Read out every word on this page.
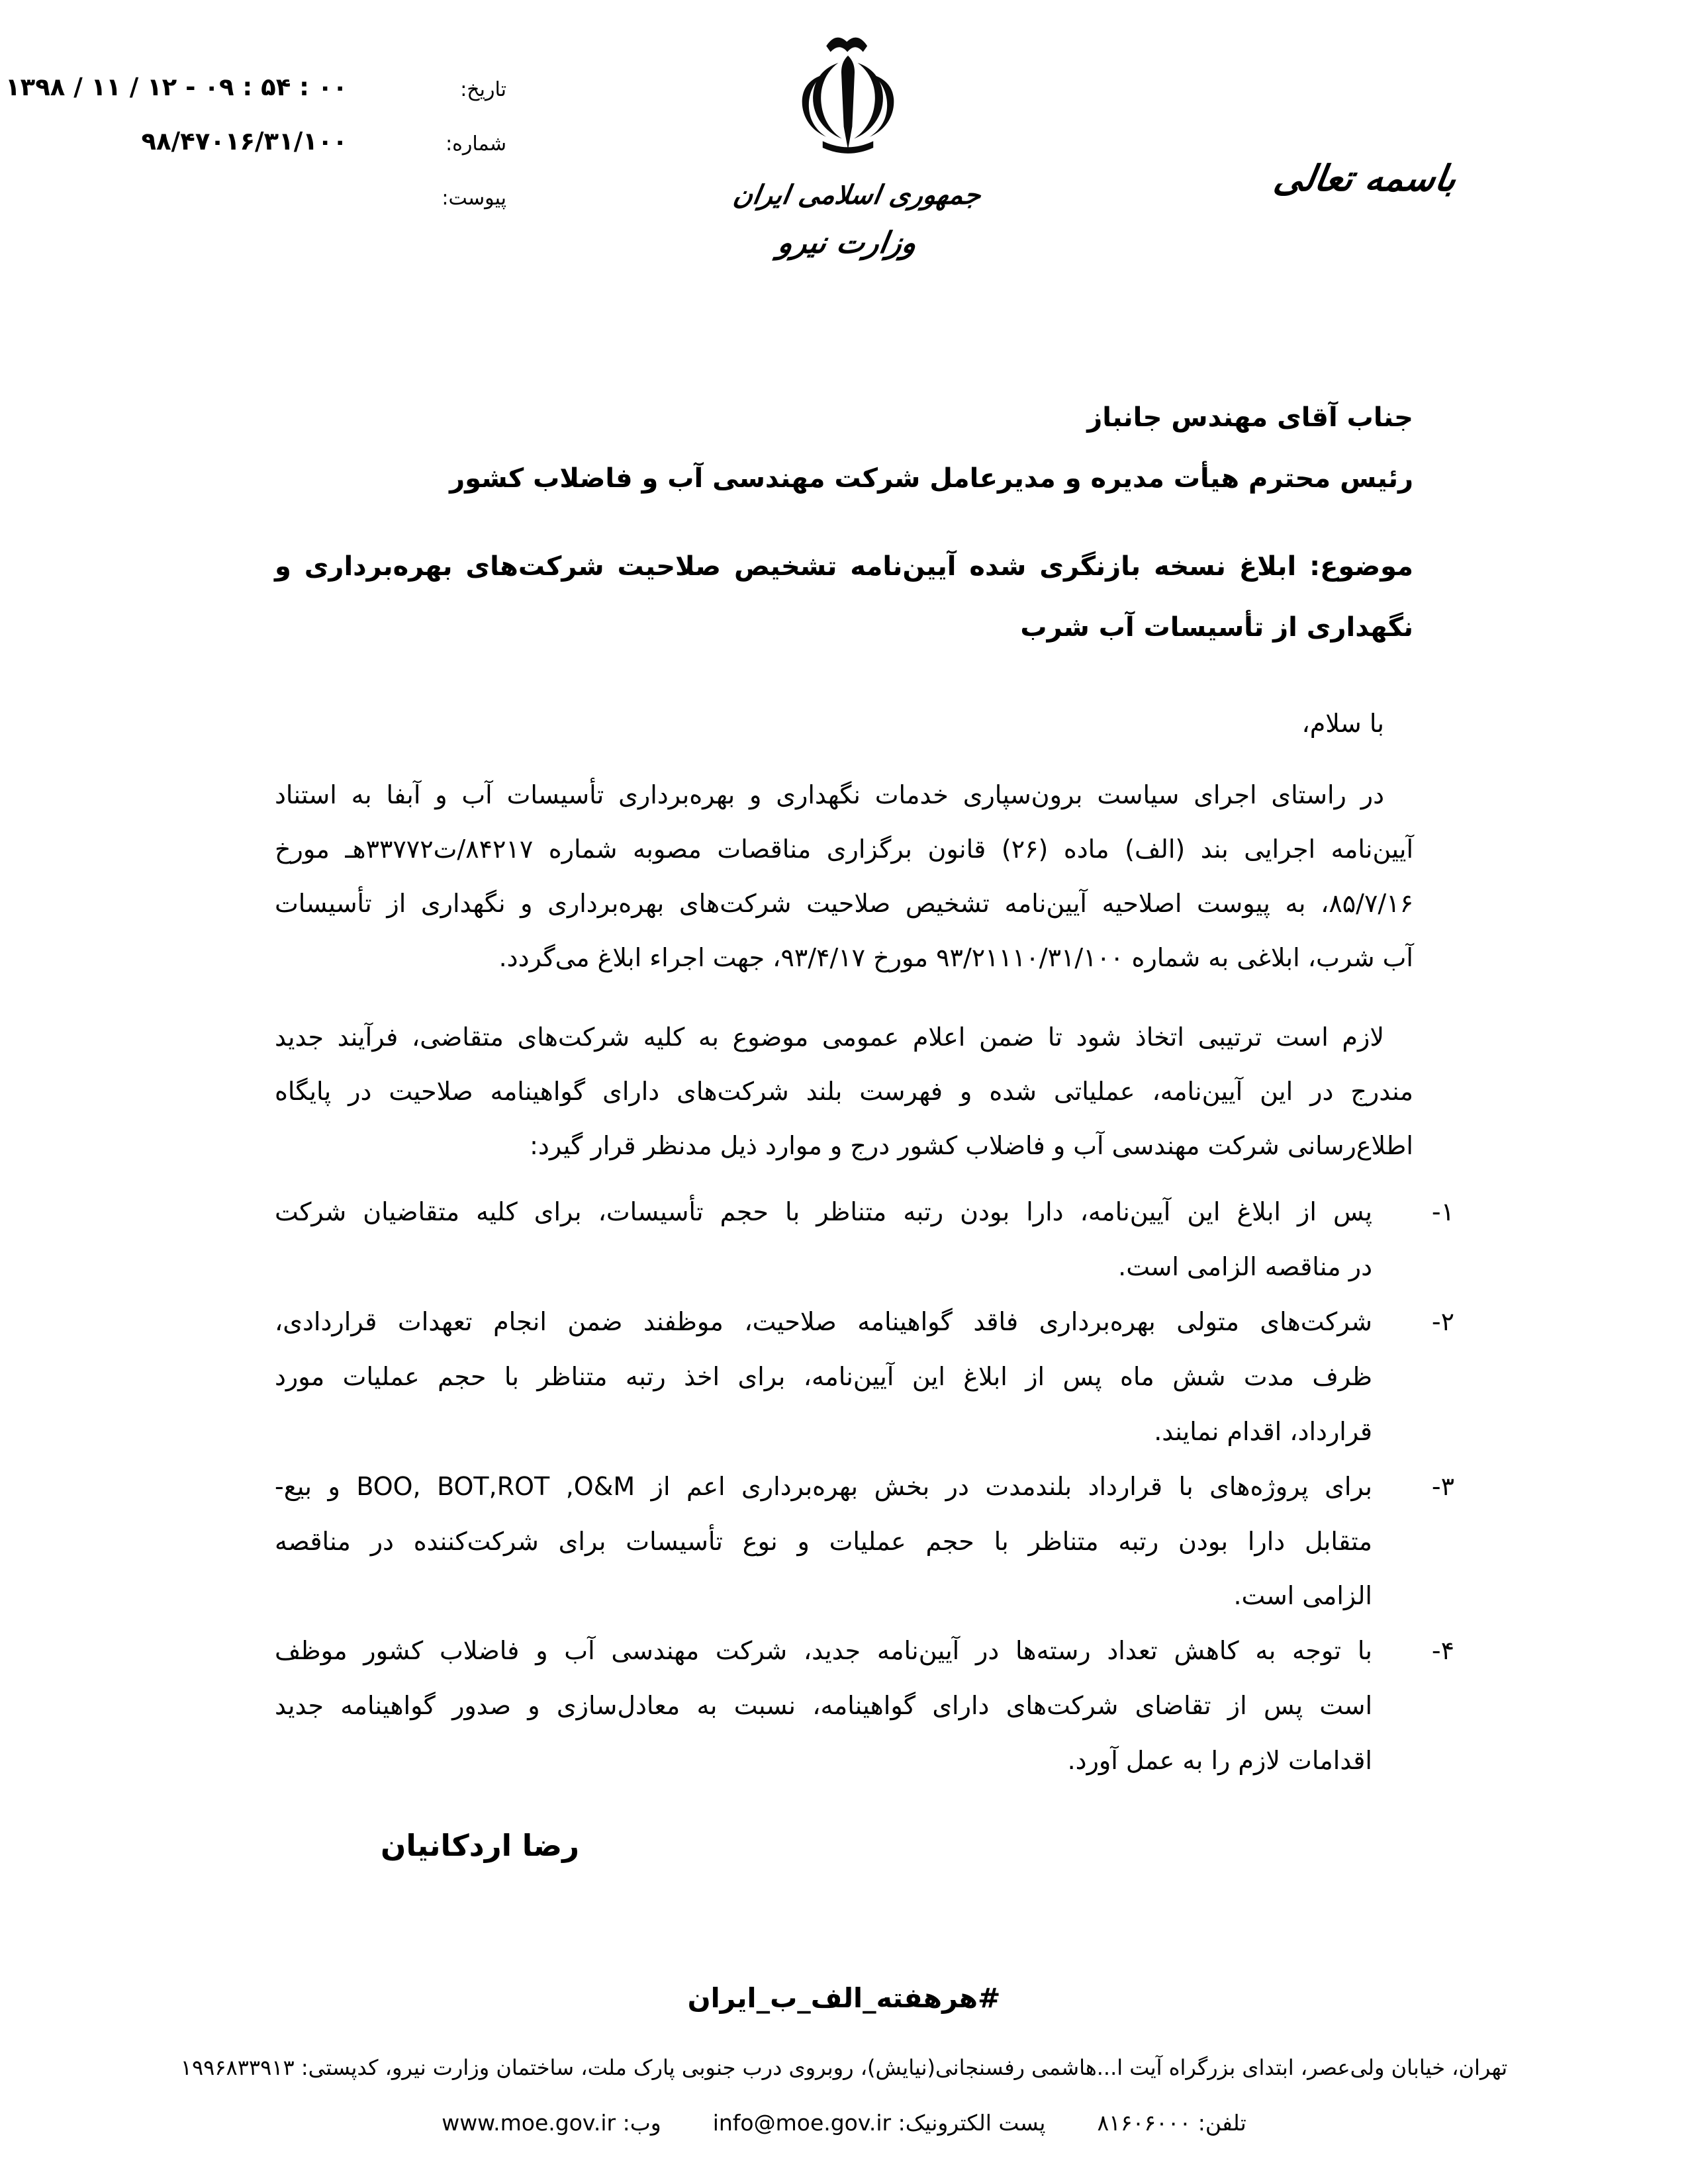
تاریخ:
۱۳۹۸ / ۱۱ / ۱۲ - ۰۹ : ۵۴ : ۰۰
شماره:
۹۸/۴۷۰۱۶/۳۱/۱۰۰
پیوست:	جمهوری اسلامی ایران
وزارت نیرو
باسمه تعالی
جناب آقای مهندس جانباز
رئیس محترم هیأت مدیره و مدیرعامل شرکت مهندسی آب و فاضلاب کشور
موضوع: ابلاغ نسخه بازنگری شده آیین‌نامه تشخیص صلاحیت شرکت‌های بهره‌برداری و
نگهداری از تأسیسات آب شرب
با سلام،
در راستای اجرای سیاست برون‌سپاری خدمات نگهداری و بهره‌برداری تأسیسات آب و آبفا به استناد
آیین‌نامه اجرایی بند (الف) ماده (۲۶) قانون برگزاری مناقصات مصوبه شماره ۸۴۲۱۷/ت۳۳۷۷۲هـ مورخ
۸۵/۷/۱۶، به پیوست اصلاحیه آیین‌نامه تشخیص صلاحیت شرکت‌های بهره‌برداری و نگهداری از تأسیسات
آب شرب، ابلاغی به شماره ۹۳/۲۱۱۱۰/۳۱/۱۰۰ مورخ ۹۳/۴/۱۷، جهت اجراء ابلاغ می‌گردد.
لازم است ترتیبی اتخاذ شود تا ضمن اعلام عمومی موضوع به کلیه شرکت‌های متقاضی، فرآیند جدید
مندرج در این آیین‌نامه، عملیاتی شده و فهرست بلند شرکت‌های دارای گواهینامه صلاحیت در پایگاه
اطلاع‌رسانی شرکت مهندسی آب و فاضلاب کشور درج و موارد ذیل مدنظر قرار گیرد:
۱-
پس از ابلاغ این آیین‌نامه، دارا بودن رتبه متناظر با حجم تأسیسات، برای کلیه متقاضیان شرکت
در مناقصه الزامی است.
۲-
شرکت‌های متولی بهره‌برداری فاقد گواهینامه صلاحیت، موظفند ضمن انجام تعهدات قراردادی،
ظرف مدت شش ماه پس از ابلاغ این آیین‌نامه، برای اخذ رتبه متناظر با حجم عملیات مورد
قرارداد، اقدام نمایند.
۳-
برای پروژه‌های با قرارداد بلندمدت در بخش بهره‌برداری اعم از BOO, BOT,ROT ,O&M و بیع-
متقابل دارا بودن رتبه متناظر با حجم عملیات و نوع تأسیسات برای شرکت‌کننده در مناقصه
الزامی است.
۴-
با توجه به کاهش تعداد رسته‌ها در آیین‌نامه جدید، شرکت مهندسی آب و فاضلاب کشور موظف
است پس از تقاضای شرکت‌های دارای گواهینامه، نسبت به معادل‌سازی و صدور گواهینامه جدید
اقدامات لازم را به عمل آورد.
رضا اردکانیان
#هرهفته_الف_ب_ایران
تهران، خیابان ولی‌عصر، ابتدای بزرگراه آیت ا...هاشمی رفسنجانی(نیایش)، روبروی درب جنوبی پارک ملت، ساختمان وزارت نیرو، کدپستی: ۱۹۹۶۸۳۳۹۱۳
تلفن: ۸۱۶۰۶۰۰۰
پست الکترونیک: info@moe.gov.ir
وب: www.moe.gov.ir
